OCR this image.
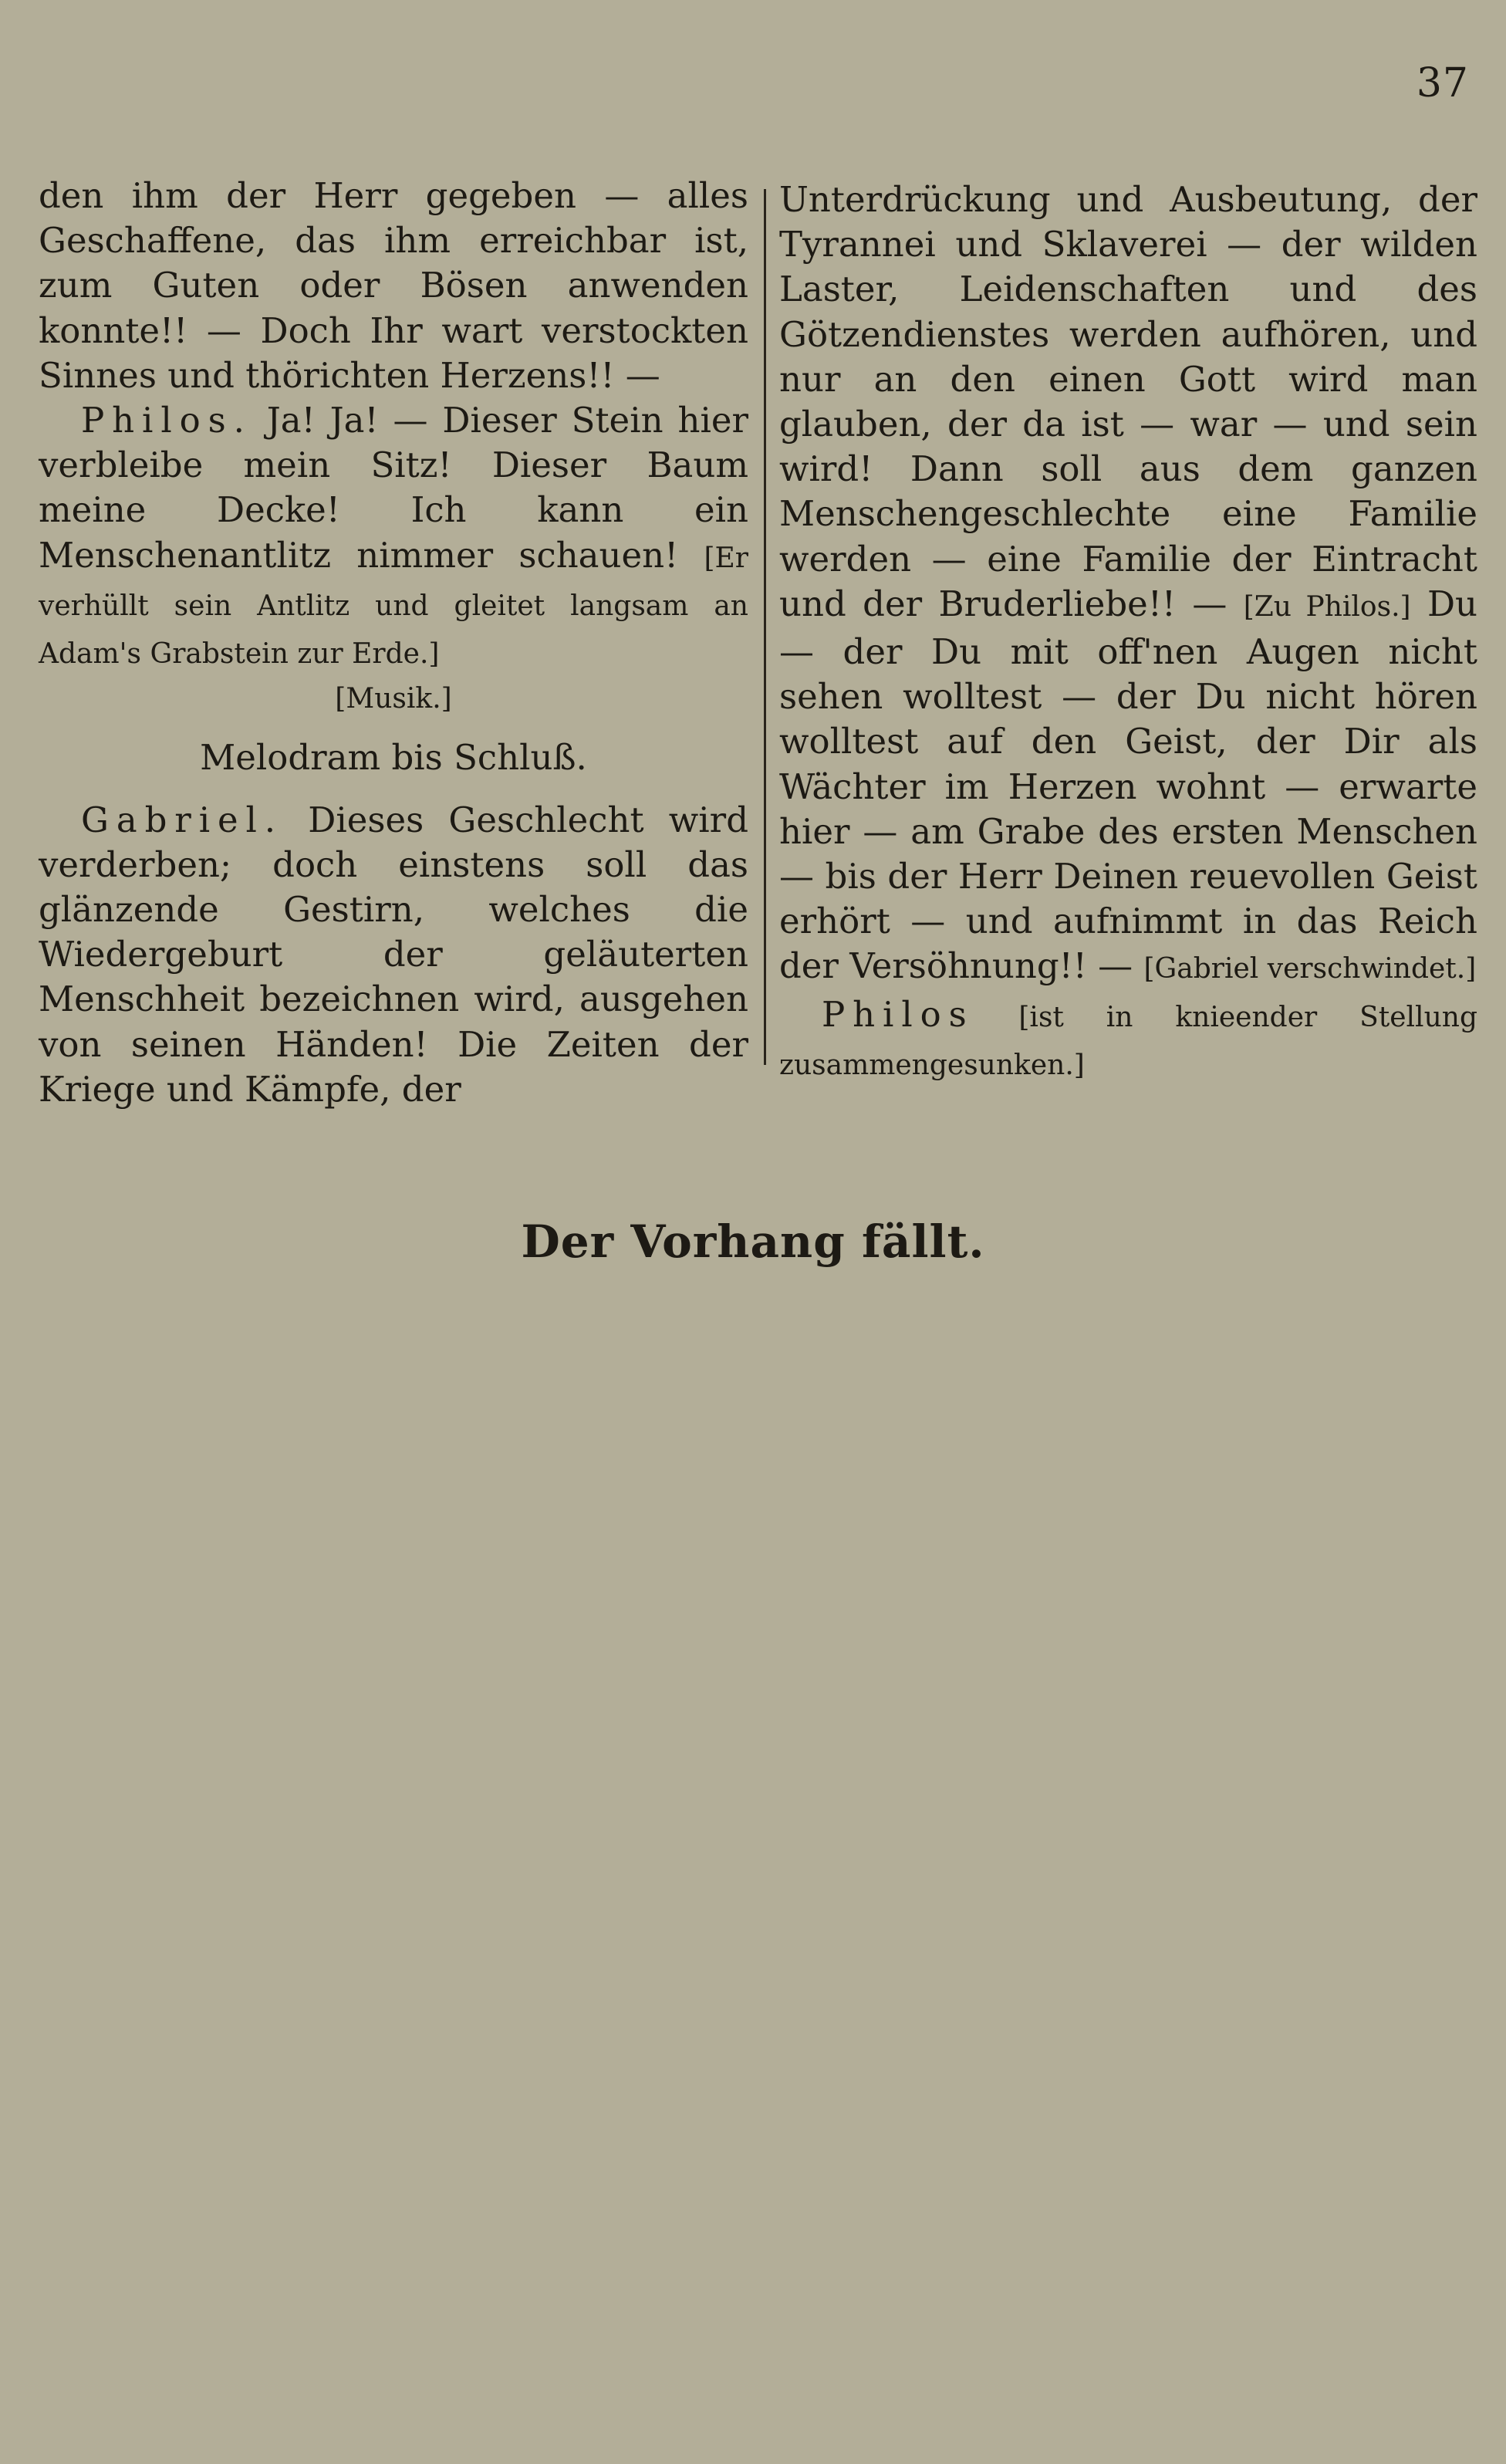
37

den ihm der Herr gegeben — alles Geschaffene, das ihm erreichbar ist, zum Guten oder Bösen anwenden konnte!! — Doch Ihr wart verstockten Sinnes und thörichten Herzens!! —

Philos. Ja! Ja! — Dieser Stein hier verbleibe mein Sitz! Dieser Baum meine Decke! Ich kann ein Menschenantlitz nimmer schauen! [Er verhüllt sein Antlitz und gleitet langsam an Adam's Grabstein zur Erde.]

[Musik.]

Melodram bis Schluß.

Gabriel. Dieses Geschlecht wird verderben; doch einstens soll das glänzende Gestirn, welches die Wiedergeburt der geläuterten Menschheit bezeichnen wird, ausgehen von seinen Händen! Die Zeiten der Kriege und Kämpfe, der

Unterdrückung und Ausbeutung, der Tyrannei und Sklaverei — der wilden Laster, Leidenschaften und des Götzendienstes werden aufhören, und nur an den einen Gott wird man glauben, der da ist — war — und sein wird! Dann soll aus dem ganzen Menschengeschlechte eine Familie werden — eine Familie der Eintracht und der Bruderliebe!! — [Zu Philos.] Du — der Du mit off'nen Augen nicht sehen wolltest — der Du nicht hören wolltest auf den Geist, der Dir als Wächter im Herzen wohnt — erwarte hier — am Grabe des ersten Menschen — bis der Herr Deinen reuevollen Geist erhört — und aufnimmt in das Reich der Versöhnung!! — [Gabriel verschwindet.]

Philos [ist in knieender Stellung zusammengesunken.]

Der Vorhang fällt.
